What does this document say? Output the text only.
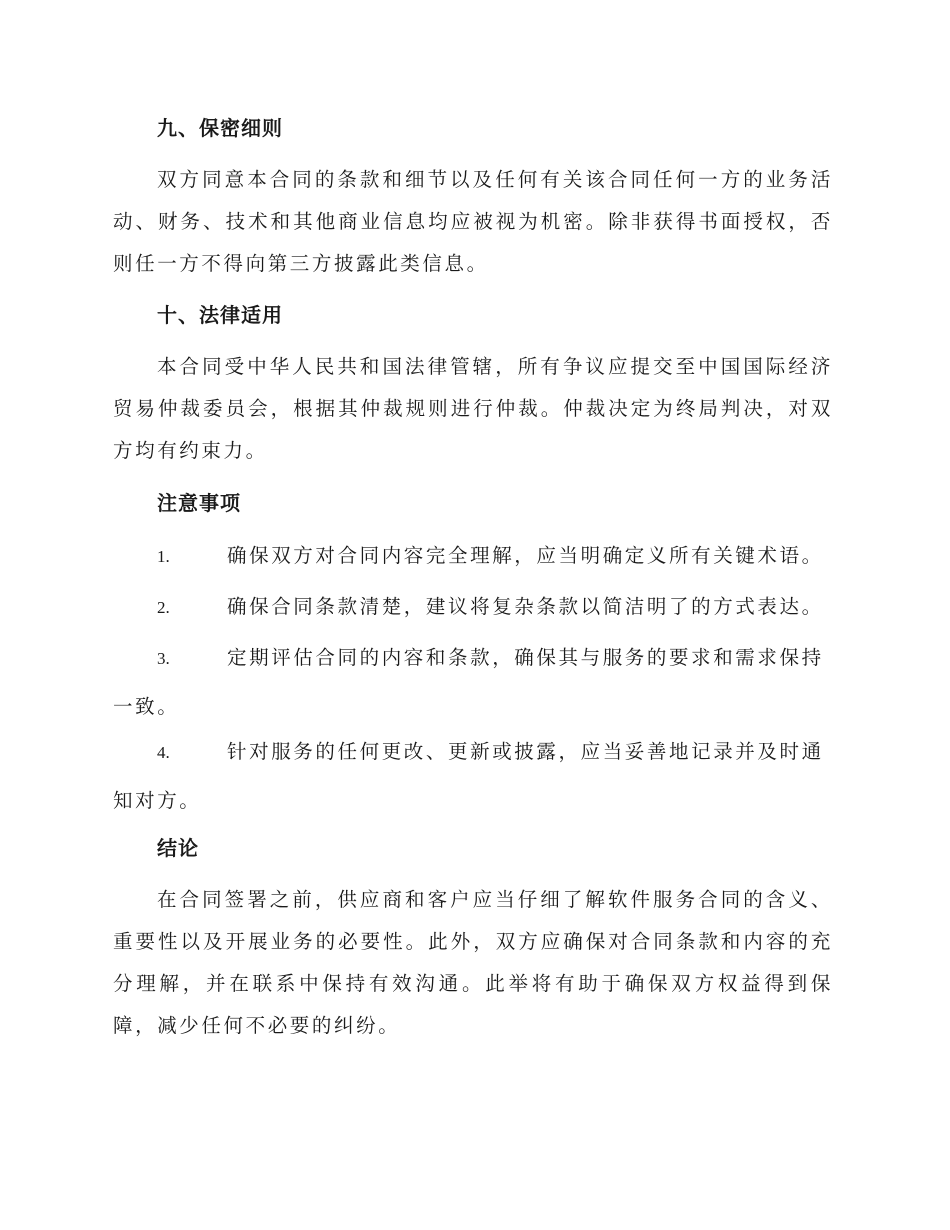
九、保密细则
双方同意本合同的条款和细节以及任何有关该合同任何一方的业务活动、财务、技术和其他商业信息均应被视为机密。除非获得书面授权，否则任一方不得向第三方披露此类信息。
十、法律适用
本合同受中华人民共和国法律管辖，所有争议应提交至中国国际经济贸易仲裁委员会，根据其仲裁规则进行仲裁。仲裁决定为终局判决，对双方均有约束力。
注意事项
1.	确保双方对合同内容完全理解，应当明确定义所有关键术语。
2.	确保合同条款清楚，建议将复杂条款以简洁明了的方式表达。
3.	定期评估合同的内容和条款，确保其与服务的要求和需求保持一致。
4.	针对服务的任何更改、更新或披露，应当妥善地记录并及时通知对方。
结论
在合同签署之前，供应商和客户应当仔细了解软件服务合同的含义、重要性以及开展业务的必要性。此外，双方应确保对合同条款和内容的充分理解，并在联系中保持有效沟通。此举将有助于确保双方权益得到保障，减少任何不必要的纠纷。
